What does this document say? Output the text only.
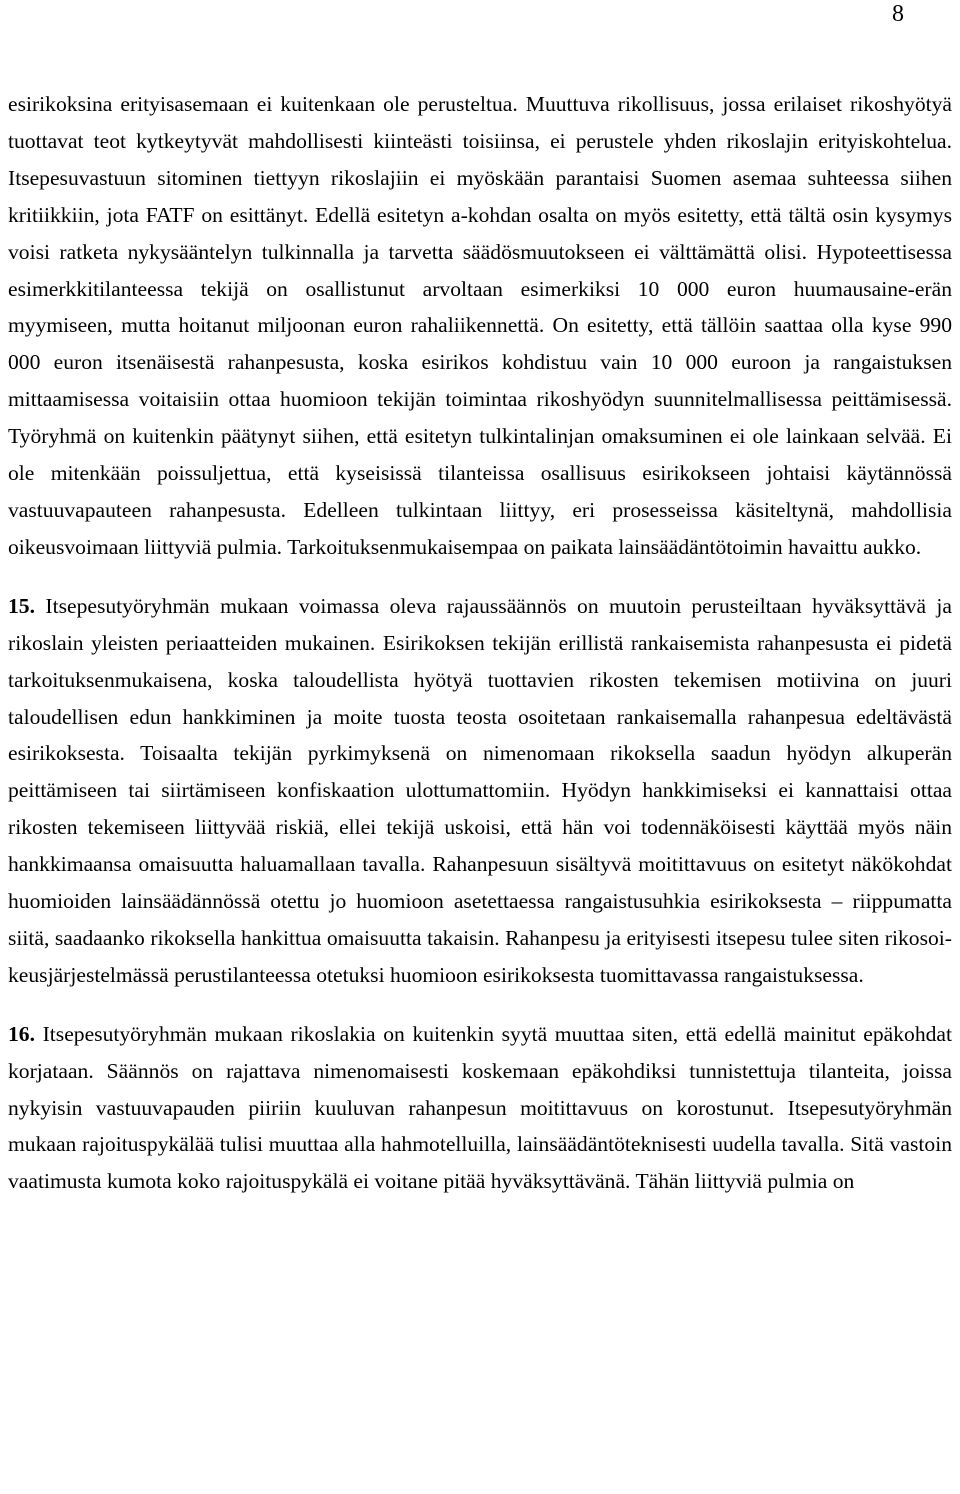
8

esirikoksina erityisasemaan ei kuitenkaan ole perusteltua. Muuttuva rikollisuus, jossa erilaiset rikoshyötyä tuottavat teot kytkeytyvät mahdollisesti kiinteästi toisiinsa, ei perustele yhden rikoslajin erityiskohtelua. Itsepesuvastuun sitominen tiettyyn rikoslajiin ei myöskään parantaisi Suomen asemaa suhteessa siihen kritiikkiin, jota FATF on esittänyt. Edellä esitetyn a-kohdan osalta on myös esitetty, että tältä osin kysymys voisi ratketa nykysääntelyn tulkinnalla ja tarvetta säädösmuutokseen ei välttämättä olisi. Hypoteettisessa esimerkkitilanteessa tekijä on osallistunut arvoltaan esimerkiksi 10 000 euron huumausaine-erän myymiseen, mutta hoitanut miljoonan euron rahaliikennettä. On esitetty, että tällöin saattaa olla kyse 990 000 euron itsenäisestä rahanpesusta, koska esirikos kohdistuu vain 10 000 euroon ja rangaistuksen mittaamisessa voitaisiin ottaa huomioon tekijän toimintaa rikoshyödyn suunnitelmallisessa peittämisessä. Työryhmä on kuitenkin päätynyt siihen, että esitetyn tulkintalinjan omaksuminen ei ole lainkaan selvää. Ei ole mitenkään poissuljettua, että kyseisissä tilanteissa osallisuus esirikokseen johtaisi käytännössä vastuuvapauteen rahanpesusta. Edelleen tulkintaan liittyy, eri prosesseissa käsiteltynä, mahdollisia oikeusvoimaan liittyviä pulmia. Tarkoituksenmukaisempaa on paikata lainsäädäntötoimin havaittu aukko.

15. Itsepesutyöryhmän mukaan voimassa oleva rajaussäännös on muutoin perusteiltaan hyväksyttävä ja rikoslain yleisten periaatteiden mukainen. Esirikoksen tekijän erillistä rankaisemista rahanpesusta ei pidetä tarkoituksenmukaisena, koska taloudellista hyötyä tuottavien rikosten tekemisen motiivina on juuri taloudellisen edun hankkiminen ja moite tuosta teosta osoitetaan rankaisemalla rahanpesua edeltävästä esirikoksesta. Toisaalta tekijän pyrkimyksenä on nimenomaan rikoksella saadun hyödyn alkuperän peittämiseen tai siirtämiseen konfiskaation ulottumattomiin. Hyödyn hankkimiseksi ei kannattaisi ottaa rikosten tekemiseen liittyvää riskiä, ellei tekijä uskoisi, että hän voi todennäköisesti käyttää myös näin hankkimaansa omaisuutta haluamallaan tavalla. Rahanpesuun sisältyvä moitittavuus on esitetyt näkökohdat huomioiden lainsäädännössä otettu jo huomioon asetettaessa rangaistusuhkia esirikoksesta – riippumatta siitä, saadaanko rikoksella hankittua omaisuutta takaisin. Rahanpesu ja erityisesti itsepesu tulee siten rikosoikeusjärjestelmässä perustilanteessa otetuksi huomioon esirikoksesta tuomittavassa rangaistuksessa.

16. Itsepesutyöryhmän mukaan rikoslakia on kuitenkin syytä muuttaa siten, että edellä mainitut epäkohdat korjataan. Säännös on rajattava nimenomaisesti koskemaan epäkohdiksi tunnistettuja tilanteita, joissa nykyisin vastuuvapauden piiriin kuuluvan rahanpesun moitittavuus on korostunut. Itsepesutyöryhmän mukaan rajoituspykälää tulisi muuttaa alla hahmotelluilla, lainsäädäntöteknisesti uudella tavalla. Sitä vastoin vaatimusta kumota koko rajoituspykälä ei voitane pitää hyväksyttävänä. Tähän liittyviä pulmia on
